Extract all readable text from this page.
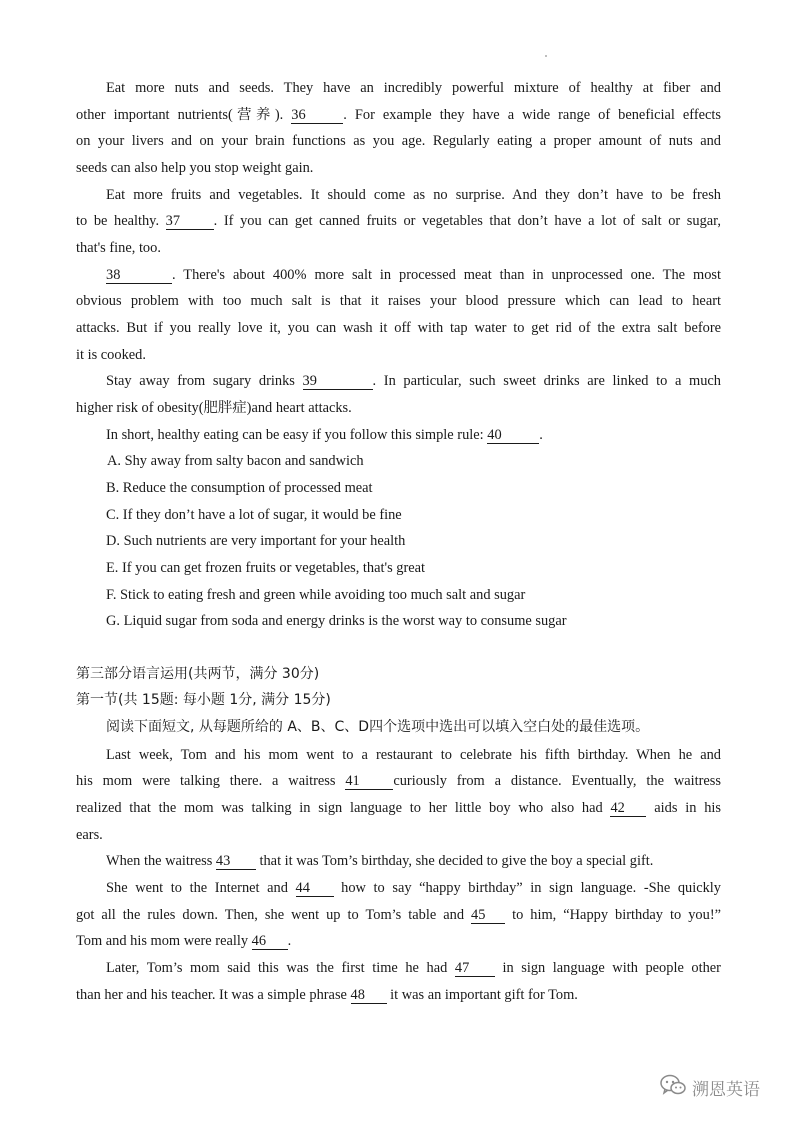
Eat more nuts and seeds. They have an incredibly powerful mixture of healthy at fiber and
other important nutrients(营养). 36	. For example they have a wide range of beneficial effects
on your livers and on your brain functions as you age. Regularly eating a proper amount of nuts and
seeds can also help you stop weight gain.
Eat more fruits and vegetables. It should come as no surprise. And they don’t have to be fresh
to be healthy. 37 . If you can get canned fruits or vegetables that don’t have a lot of salt or sugar,
that's fine, too.
38	. There's about 400% more salt in processed meat than in unprocessed one. The most
obvious problem with too much salt is that it raises your blood pressure which can lead to heart
attacks. But if you really love it, you can wash it off with tap water to get rid of the extra salt before
it is cooked.
Stay away from sugary drinks 39	. In particular, such sweet drinks are linked to a much
higher risk of obesity(肥胖症)and heart attacks.
In short, healthy eating can be easy if you follow this simple rule: 40	.
A. Shy away from salty bacon and sandwich
B. Reduce the consumption of processed meat
C. If they don’t have a lot of sugar, it would be fine
D. Such nutrients are very important for your health
E. If you can get frozen fruits or vegetables, that's great
F. Stick to eating fresh and green while avoiding too much salt and sugar
G. Liquid sugar from soda and energy drinks is the worst way to consume sugar
第三部分语言运用(共两节，满分 30分)
第一节(共 15题: 每小题 1分, 满分 15分)
阅读下面短文, 从每题所给的 A、B、C、D四个选项中选出可以填入空白处的最佳选项。
Last week, Tom and his mom went to a restaurant to celebrate his fifth birthday. When he and
his mom were talking there. a waitress 41 curiously from a distance. Eventually, the waitress
realized that the mom was talking in sign language to her little boy who also had 42 aids in his
ears.
When the waitress 43 that it was Tom’s birthday, she decided to give the boy a special gift.
She went to the Internet and 44 how to say “happy birthday” in sign language. -She quickly
got all the rules down. Then, she went up to Tom’s table and 45 to him, “Happy birthday to you!”
Tom and his mom were really 46 .
Later, Tom’s mom said this was the first time he had 47 in sign language with people other
than her and his teacher. It was a simple phrase 48 it was an important gift for Tom.
溯恩英语
